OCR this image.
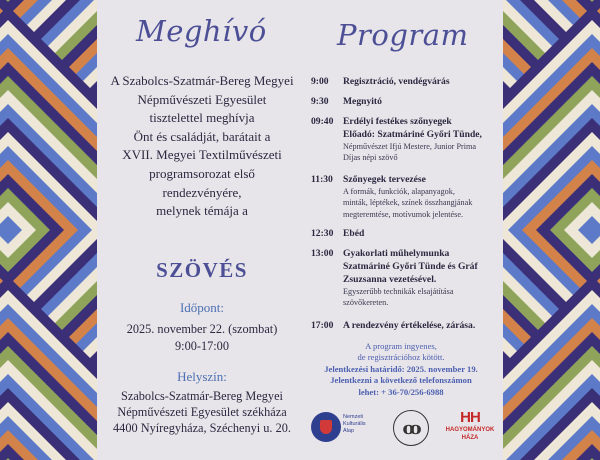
Meghívó Program
A Szabolcs-Szatmár-Bereg Megyei
Népművészeti Egyesület
tisztelettel meghívja
Önt és családját, barátait a
XVII. Megyei Textilművészeti
programsorozat első
rendezvényére,
melynek témája a
SZÖVÉS
Időpont:
2025. november 22. (szombat)
9:00-17:00
Helyszín:
Szabolcs-Szatmár-Bereg Megyei
Népművészeti Egyesület székháza
4400 Nyíregyháza, Széchenyi u. 20.
9:00	Regisztráció, vendégvárás
9:30	Megnyitó
09:40	Erdélyi festékes szőnyegek
Előadó: Szatmáriné Győri Tünde,
Népművészet Ifjú Mestere, Junior Prima
Díjas népi szövő
11:30	Szőnyegek tervezése
A formák, funkciók, alapanyagok,
minták, léptékek, színek összhangjának
megteremtése, motívumok jelentése.
12:30	Ebéd
13:00	Gyakorlati műhelymunka
Szatmáriné Győri Tünde és Gráf
Zsuzsanna vezetésével.
Egyszerűbb technikák elsajátítása
szövőkereten.
17:00	A rendezvény értékelése, zárása.
A program ingyenes,
de regisztrációhoz kötött.
Jelentkezési határidő: 2025. november 19.
Jelentkezni a következő telefonszámon
lehet: + 36-70/256-6988
Nemzeti
Kulturális
Alap	ꝏ	HH
HAGYOMÁNYOK
HÁZA
